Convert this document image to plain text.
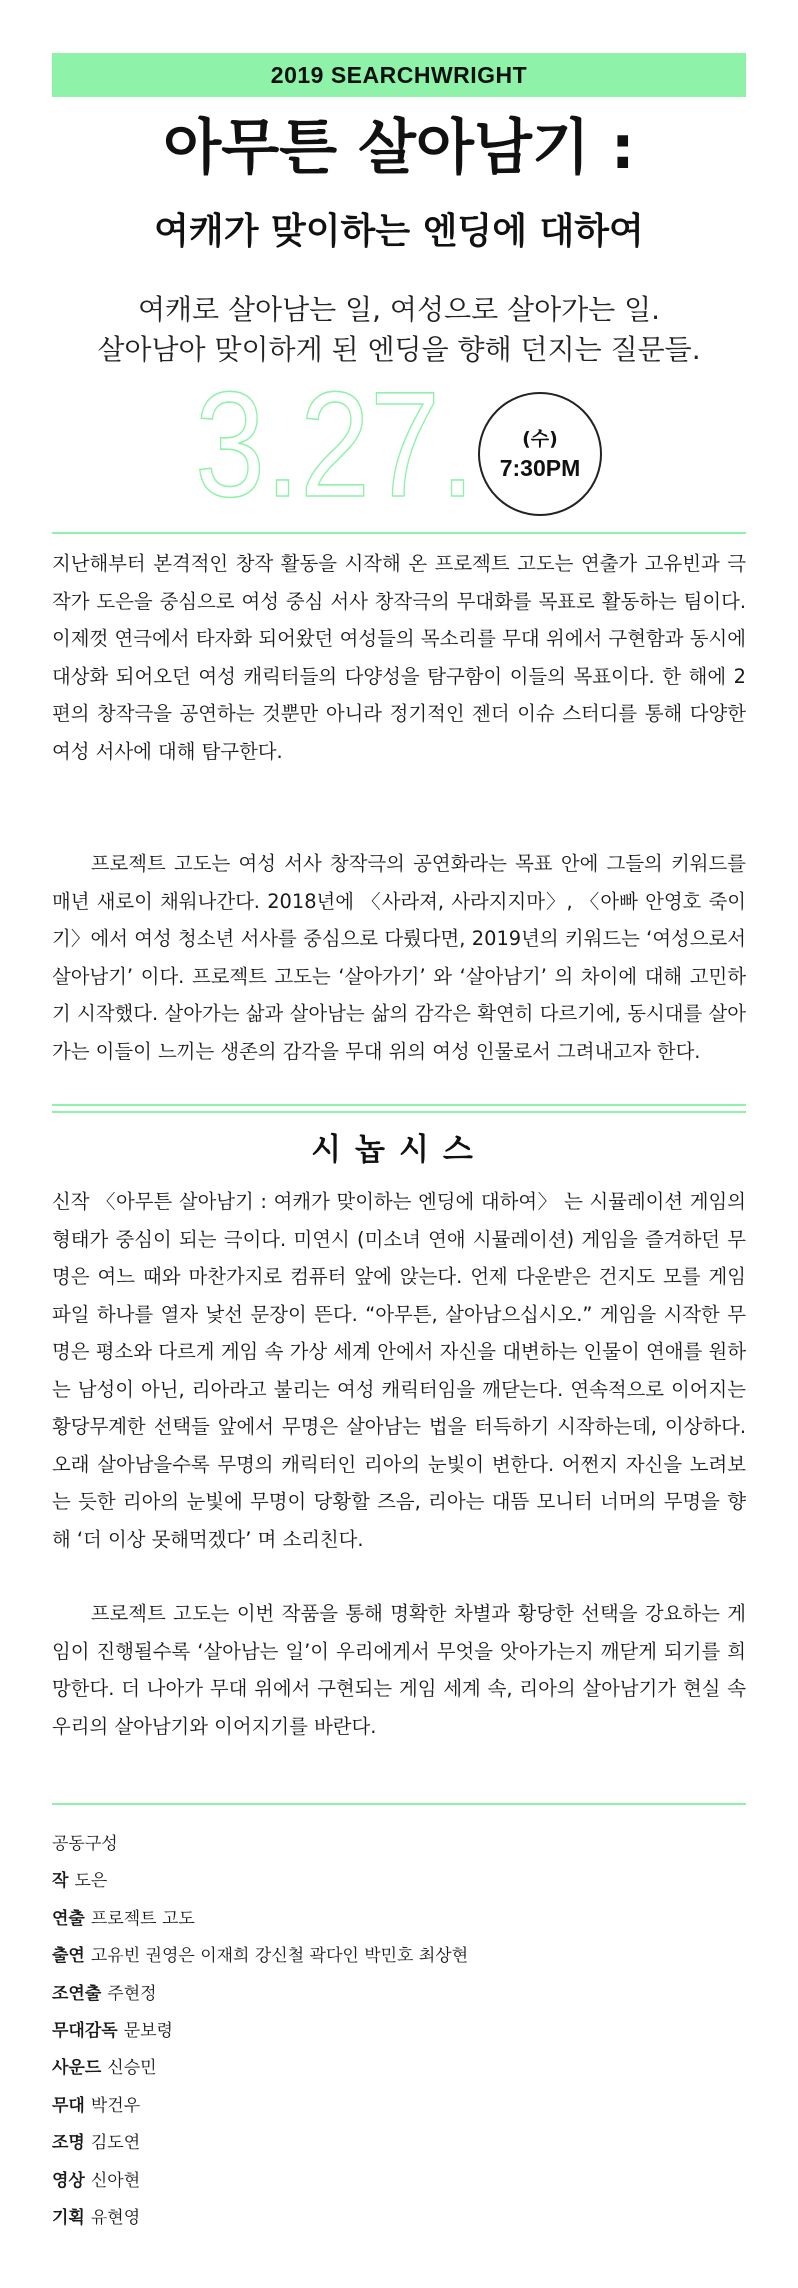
2019 SEARCHWRIGHT
아무튼 살아남기 :
여캐가 맞이하는 엔딩에 대하여
여캐로 살아남는 일, 여성으로 살아가는 일.
살아남아 맞이하게 된 엔딩을 향해 던지는 질문들.
3.27. (수)
7:30PM

지난해부터 본격적인 창작 활동을 시작해 온 프로젝트 고도는 연출가 고유빈과 극작가 도은을 중심으로 여성 중심 서사 창작극의 무대화를 목표로 활동하는 팀이다. 이제껏 연극에서 타자화 되어왔던 여성들의 목소리를 무대 위에서 구현함과 동시에 대상화 되어오던 여성 캐릭터들의 다양성을 탐구함이 이들의 목표이다. 한 해에 2편의 창작극을 공연하는 것뿐만 아니라 정기적인 젠더 이슈 스터디를 통해 다양한 여성 서사에 대해 탐구한다.

프로젝트 고도는 여성 서사 창작극의 공연화라는 목표 안에 그들의 키워드를 매년 새로이 채워나간다. 2018년에 〈사라져, 사라지지마〉, 〈아빠 안영호 죽이기〉에서 여성 청소년 서사를 중심으로 다뤘다면, 2019년의 키워드는 ‘여성으로서 살아남기’ 이다. 프로젝트 고도는 ‘살아가기’ 와 ‘살아남기’ 의 차이에 대해 고민하기 시작했다. 살아가는 삶과 살아남는 삶의 감각은 확연히 다르기에, 동시대를 살아가는 이들이 느끼는 생존의 감각을 무대 위의 여성 인물로서 그려내고자 한다.

시놉시스

신작 〈아무튼 살아남기 : 여캐가 맞이하는 엔딩에 대하여〉 는 시뮬레이션 게임의 형태가 중심이 되는 극이다. 미연시 (미소녀 연애 시뮬레이션) 게임을 즐겨하던 무명은 여느 때와 마찬가지로 컴퓨터 앞에 앉는다. 언제 다운받은 건지도 모를 게임 파일 하나를 열자 낯선 문장이 뜬다. “아무튼, 살아남으십시오.” 게임을 시작한 무명은 평소와 다르게 게임 속 가상 세계 안에서 자신을 대변하는 인물이 연애를 원하는 남성이 아닌, 리아라고 불리는 여성 캐릭터임을 깨닫는다. 연속적으로 이어지는 황당무계한 선택들 앞에서 무명은 살아남는 법을 터득하기 시작하는데, 이상하다. 오래 살아남을수록 무명의 캐릭터인 리아의 눈빛이 변한다. 어쩐지 자신을 노려보는 듯한 리아의 눈빛에 무명이 당황할 즈음, 리아는 대뜸 모니터 너머의 무명을 향해 ‘더 이상 못해먹겠다’ 며 소리친다.

프로젝트 고도는 이번 작품을 통해 명확한 차별과 황당한 선택을 강요하는 게임이 진행될수록 ‘살아남는 일’이 우리에게서 무엇을 앗아가는지 깨닫게 되기를 희망한다. 더 나아가 무대 위에서 구현되는 게임 세계 속, 리아의 살아남기가 현실 속 우리의 살아남기와 이어지기를 바란다.

공동구성
작 도은
연출 프로젝트 고도
출연 고유빈 권영은 이재희 강신철 곽다인 박민호 최상현
조연출 주현정
무대감독 문보령
사운드 신승민
무대 박건우
조명 김도연
영상 신아현
기획 유현영
